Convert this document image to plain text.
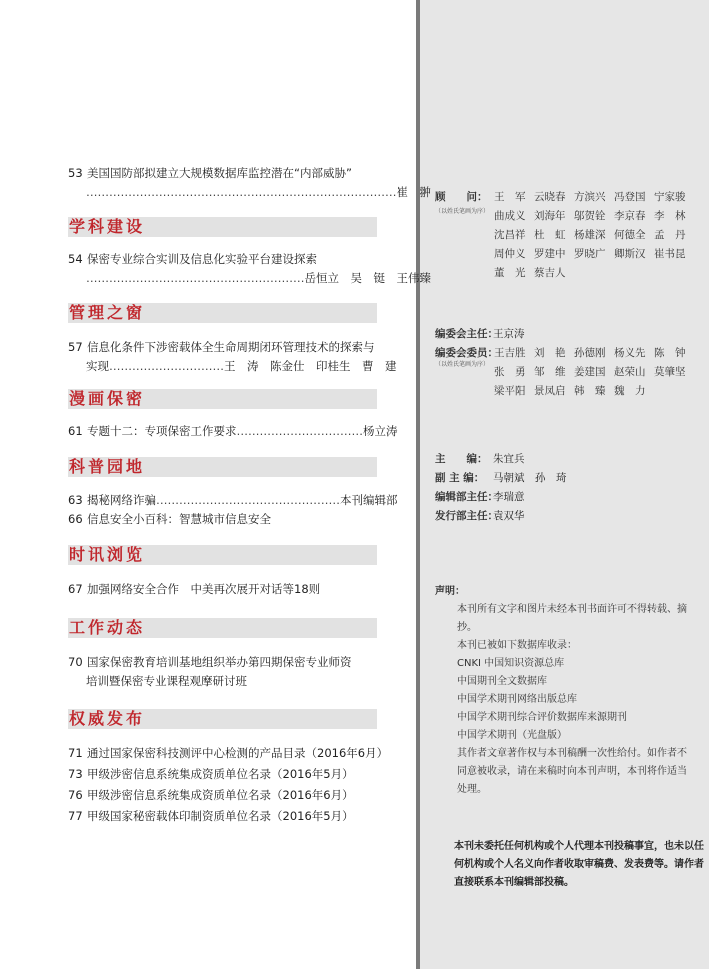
53 美国国防部拟建立大规模数据库监控潜在“内部威胁”
………………………………………………………………………崔　翀
学科建设
54 保密专业综合实训及信息化实验平台建设探索
…………………………………………………岳恒立　吴　铤　王伟臻
管理之窗
57 信息化条件下涉密载体全生命周期闭环管理技术的探索与
实现…………………………王　涛　陈金仕　印桂生　曹　建
漫画保密
61 专题十二：专项保密工作要求……………………………杨立涛
科普园地
63 揭秘网络诈骗…………………………………………本刊编辑部
66 信息安全小百科：智慧城市信息安全
时讯浏览
67 加强网络安全合作　中美再次展开对话等18则
工作动态
70 国家保密教育培训基地组织举办第四期保密专业师资
培训暨保密专业课程观摩研讨班
权威发布
71 通过国家保密科技测评中心检测的产品目录（2016年6月）
73 甲级涉密信息系统集成资质单位名录（2016年5月）
76 甲级涉密信息系统集成资质单位名录（2016年6月）
77 甲级国家秘密载体印制资质单位名录（2016年5月）
顾　　问：
（以姓氏笔画为序）
王　军 云晓春 方滨兴 冯登国 宁家骏
曲成义 刘海年 邬贺铨 李京春 李　林
沈昌祥 杜　虹 杨雄深 何德全 孟　丹
周仲义 罗建中 罗晓广 卿斯汉 崔书昆
董　光 蔡吉人
编委会主任：王京涛
编委会委员：
（以姓氏笔画为序）
王吉胜 刘　艳 孙德刚 杨义先 陈　钟
张　勇 邹　维 姜建国 赵荣山 莫肇坚
梁平阳 景凤启 韩　臻 魏　力
主　　编： 朱宜兵
副 主 编： 马朝斌　孙　琦
编辑部主任：李瑞意
发行部主任：袁双华

声明：

本刊所有文字和图片未经本刊书面许可不得转载、摘抄。

本刊已被如下数据库收录：

CNKI 中国知识资源总库

中国期刊全文数据库

中国学术期刊网络出版总库

中国学术期刊综合评价数据库来源期刊

中国学术期刊（光盘版）

其作者文章著作权与本刊稿酬一次性给付。如作者不同意被收录，请在来稿时向本刊声明，本刊将作适当处理。

本刊未委托任何机构或个人代理本刊投稿事宜，也未以任何机构或个人名义向作者收取审稿费、发表费等。请作者直接联系本刊编辑部投稿。
